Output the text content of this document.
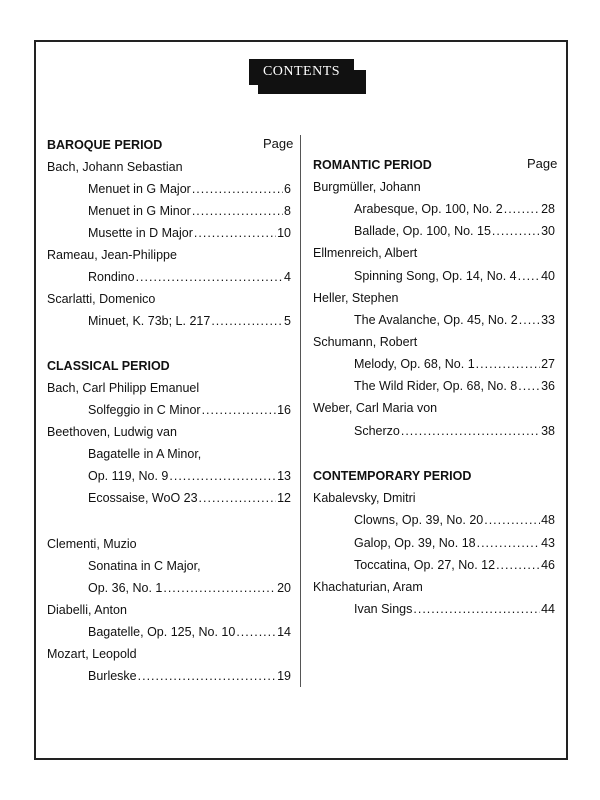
CONTENTS
Page
Page
BAROQUE PERIOD
Bach, Johann Sebastian
Menuet in G Major .....	6
Menuet in G Minor .....	8
Musette in D Major .....	10
Rameau, Jean-Philippe
Rondino .....	4
Scarlatti, Domenico
Minuet, K. 73b; L. 217 .....	5
CLASSICAL PERIOD
Bach, Carl Philipp Emanuel
Solfeggio in C Minor .....	16
Beethoven, Ludwig van
Bagatelle in A Minor,
Op. 119, No. 9 .....	13
Ecossaise, WoO 23 .....	12
Clementi, Muzio
Sonatina in C Major,
Op. 36, No. 1 .....	20
Diabelli, Anton
Bagatelle, Op. 125, No. 10 .....	14
Mozart, Leopold
Burleske .....	19
ROMANTIC PERIOD
Burgmüller, Johann
Arabesque, Op. 100, No. 2 .....	28
Ballade, Op. 100, No. 15 .....	30
Ellmenreich, Albert
Spinning Song, Op. 14, No. 4 ..... 40
Heller, Stephen
The Avalanche, Op. 45, No. 2 ..... 33
Schumann, Robert
Melody, Op. 68, No. 1 .....	27
The Wild Rider, Op. 68, No. 8 ..... 36
Weber, Carl Maria von
Scherzo .....	38
CONTEMPORARY PERIOD
Kabalevsky, Dmitri
Clowns, Op. 39, No. 20 .....	48
Galop, Op. 39, No. 18 .....	43
Toccatina, Op. 27, No. 12 .....	46
Khachaturian, Aram
Ivan Sings .....	44
